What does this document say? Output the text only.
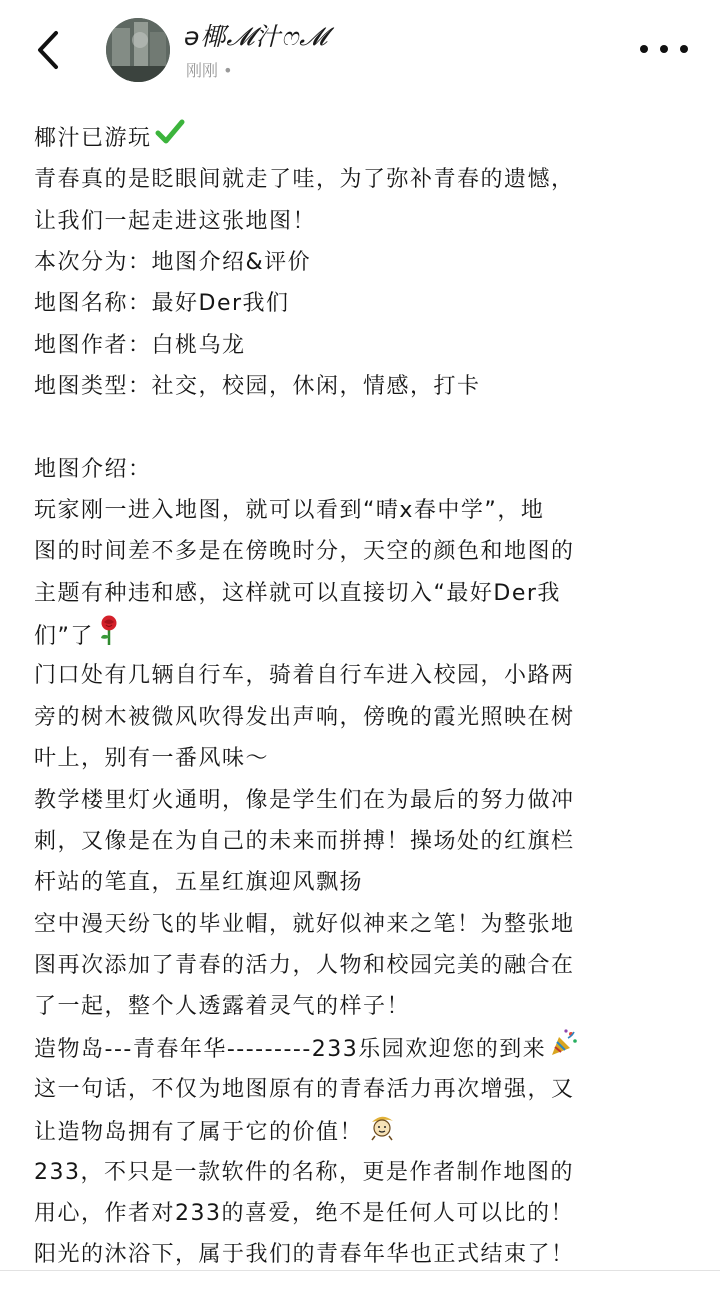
ə椰𝓜汁ෆ𝓜
刚刚 •
椰汁已游玩
青春真的是眨眼间就走了哇，为了弥补青春的遗憾，
让我们一起走进这张地图！
本次分为：地图介绍&评价
地图名称：最好Der我们
地图作者：白桃乌龙
地图类型：社交，校园，休闲，情感，打卡
地图介绍：
玩家刚一进入地图，就可以看到“晴x春中学”，地
图的时间差不多是在傍晚时分，天空的颜色和地图的
主题有种违和感，这样就可以直接切入“最好Der我
们”了
门口处有几辆自行车，骑着自行车进入校园，小路两
旁的树木被微风吹得发出声响，傍晚的霞光照映在树
叶上，别有一番风味～
教学楼里灯火通明，像是学生们在为最后的努力做冲
刺，又像是在为自己的未来而拼搏！操场处的红旗栏
杆站的笔直，五星红旗迎风飘扬
空中漫天纷飞的毕业帽，就好似神来之笔！为整张地
图再次添加了青春的活力，人物和校园完美的融合在
了一起，整个人透露着灵气的样子！
造物岛---青春年华---------233乐园欢迎您的到来
这一句话，不仅为地图原有的青春活力再次增强，又
让造物岛拥有了属于它的价值！
233，不只是一款软件的名称，更是作者制作地图的
用心，作者对233的喜爱，绝不是任何人可以比的！
阳光的沐浴下，属于我们的青春年华也正式结束了！
